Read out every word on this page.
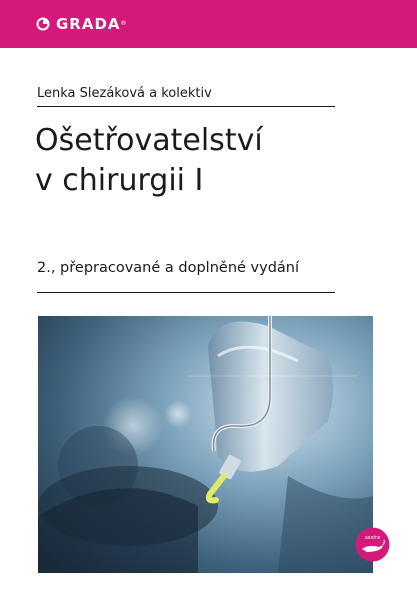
GRADA®
Lenka Slezáková a kolektiv
Ošetřovatelství
v chirurgii I
2., přepracované a doplněné vydání
sestra
